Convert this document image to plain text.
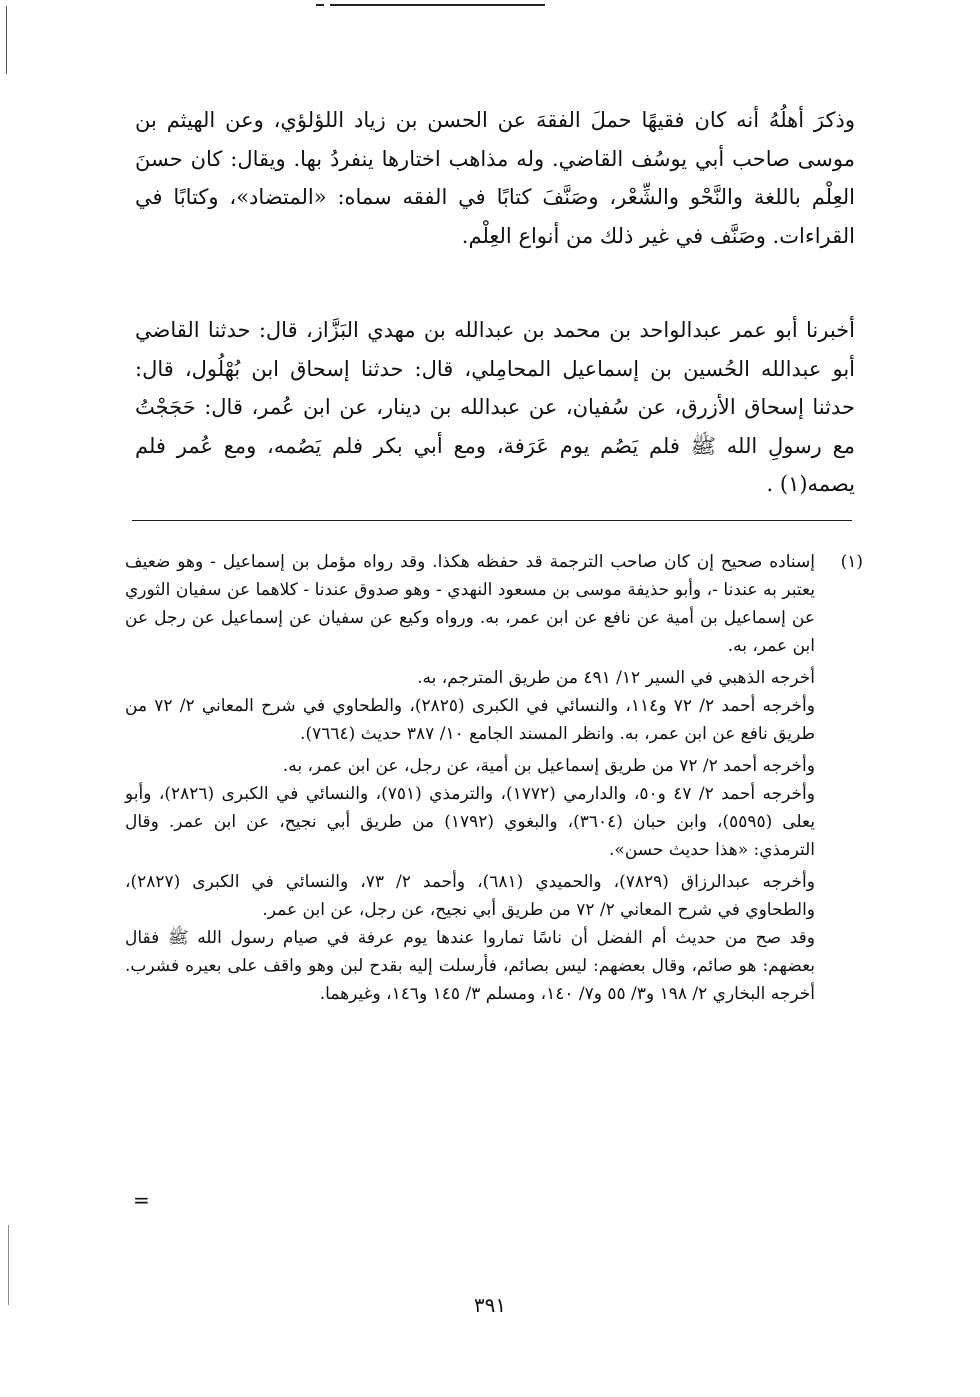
وذكرَ أهلُهُ أنه كان فقيهًا حملَ الفقهَ عن الحسن بن زياد اللؤلؤي، وعن الهيثم بن موسى صاحب أبي يوسُف القاضي. وله مذاهب اختارها ينفردُ بها. ويقال: كان حسنَ العِلْم باللغة والنَّحْو والشِّعْر، وصَنَّفَ كتابًا في الفقه سماه: «المتضاد»، وكتابًا في القراءات. وصَنَّف في غير ذلك من أنواع العِلْم.

أخبرنا أبو عمر عبدالواحد بن محمد بن عبدالله بن مهدي البَزَّاز، قال: حدثنا القاضي أبو عبدالله الحُسين بن إسماعيل المحامِلي، قال: حدثنا إسحاق ابن بُهْلُول، قال: حدثنا إسحاق الأزرق، عن سُفيان، عن عبدالله بن دينار، عن ابن عُمر، قال: حَجَجْتُ مع رسولِ الله ﷺ فلم يَصُم يوم عَرَفة، ومع أبي بكر فلم يَصُمه، ومع عُمر فلم يصمه(١) .

(١)

إسناده صحيح إن كان صاحب الترجمة قد حفظه هكذا. وقد رواه مؤمل بن إسماعيل - وهو ضعيف يعتبر به عندنا -، وأبو حذيفة موسى بن مسعود النهدي - وهو صدوق عندنا - كلاهما عن سفيان الثوري عن إسماعيل بن أمية عن نافع عن ابن عمر، به. ورواه وكيع عن سفيان عن إسماعيل عن رجل عن ابن عمر، به.

أخرجه الذهبي في السير ١٢/ ٤٩١ من طريق المترجم، به.

وأخرجه أحمد ٢/ ٧٢ و١١٤، والنسائي في الكبرى (٢٨٢٥)، والطحاوي في شرح المعاني ٢/ ٧٢ من طريق نافع عن ابن عمر، به. وانظر المسند الجامع ١٠/ ٣٨٧ حديث (٧٦٦٤).

وأخرجه أحمد ٢/ ٧٢ من طريق إسماعيل بن أمية، عن رجل، عن ابن عمر، به.

وأخرجه أحمد ٢/ ٤٧ و٥٠، والدارمي (١٧٧٢)، والترمذي (٧٥١)، والنسائي في الكبرى (٢٨٢٦)، وأبو يعلى (٥٥٩٥)، وابن حبان (٣٦٠٤)، والبغوي (١٧٩٢) من طريق أبي نجيح، عن ابن عمر. وقال الترمذي: «هذا حديث حسن».

وأخرجه عبدالرزاق (٧٨٢٩)، والحميدي (٦٨١)، وأحمد ٢/ ٧٣، والنسائي في الكبرى (٢٨٢٧)، والطحاوي في شرح المعاني ٢/ ٧٢ من طريق أبي نجيح، عن رجل، عن ابن عمر.

وقد صح من حديث أم الفضل أن ناسًا تماروا عندها يوم عرفة في صيام رسول الله ﷺ فقال بعضهم: هو صائم، وقال بعضهم: ليس بصائم، فأرسلت إليه بقدح لبن وهو واقف على بعيره فشرب. أخرجه البخاري ٢/ ١٩٨ و٣/ ٥٥ و٧/ ١٤٠، ومسلم ٣/ ١٤٥ و١٤٦، وغيرهما.

=
٣٩١
